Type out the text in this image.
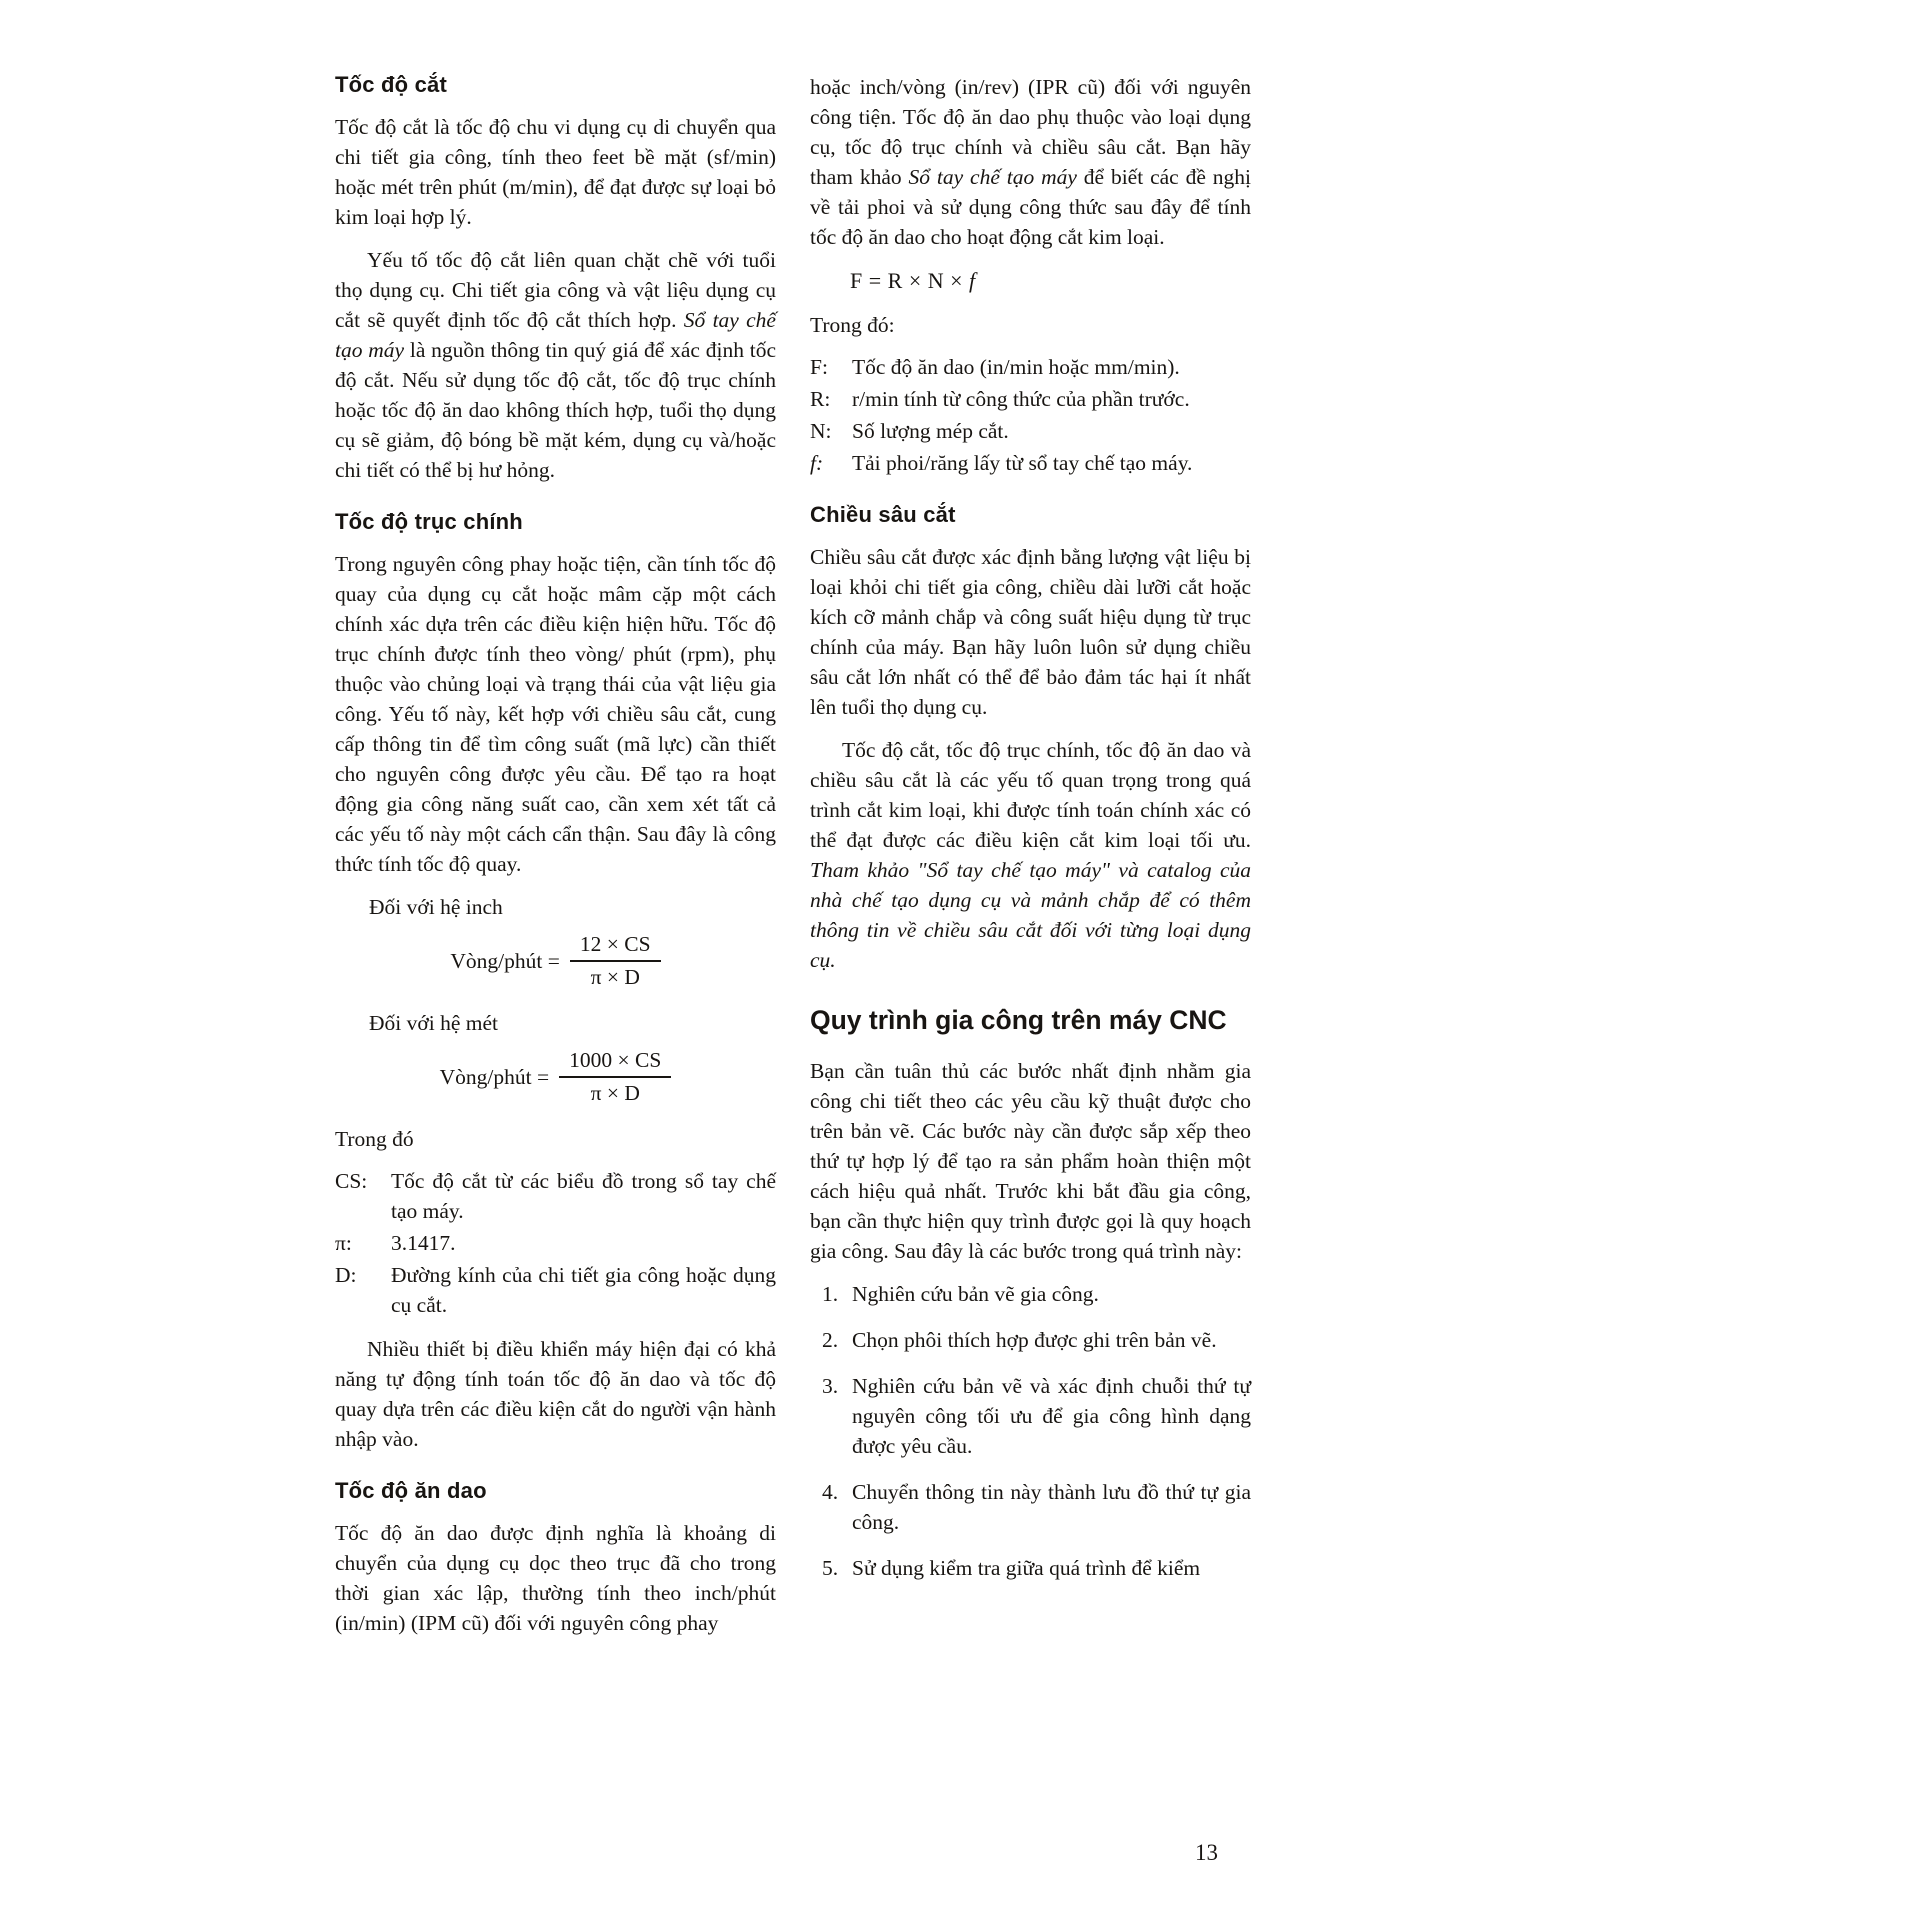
Tốc độ cắt

Tốc độ cắt là tốc độ chu vi dụng cụ di chuyển qua chi tiết gia công, tính theo feet bề mặt (sf/min) hoặc mét trên phút (m/min), để đạt được sự loại bỏ kim loại hợp lý.

Yếu tố tốc độ cắt liên quan chặt chẽ với tuổi thọ dụng cụ. Chi tiết gia công và vật liệu dụng cụ cắt sẽ quyết định tốc độ cắt thích hợp. Sổ tay chế tạo máy là nguồn thông tin quý giá để xác định tốc độ cắt. Nếu sử dụng tốc độ cắt, tốc độ trục chính hoặc tốc độ ăn dao không thích hợp, tuổi thọ dụng cụ sẽ giảm, độ bóng bề mặt kém, dụng cụ và/hoặc chi tiết có thể bị hư hỏng.

Tốc độ trục chính

Trong nguyên công phay hoặc tiện, cần tính tốc độ quay của dụng cụ cắt hoặc mâm cặp một cách chính xác dựa trên các điều kiện hiện hữu. Tốc độ trục chính được tính theo vòng/ phút (rpm), phụ thuộc vào chủng loại và trạng thái của vật liệu gia công. Yếu tố này, kết hợp với chiều sâu cắt, cung cấp thông tin để tìm công suất (mã lực) cần thiết cho nguyên công được yêu cầu. Để tạo ra hoạt động gia công năng suất cao, cần xem xét tất cả các yếu tố này một cách cẩn thận. Sau đây là công thức tính tốc độ quay.

Đối với hệ inch
Vòng/phút = $\frac{12 \times CS}{\pi \times D}$
Đối với hệ mét
Vòng/phút = $\frac{1000 \times CS}{\pi \times D}$
Trong đó
CS:	Tốc độ cắt từ các biểu đồ trong sổ tay chế tạo máy.
π:	3.1417.
D:	Đường kính của chi tiết gia công hoặc dụng cụ cắt.

Nhiều thiết bị điều khiển máy hiện đại có khả năng tự động tính toán tốc độ ăn dao và tốc độ quay dựa trên các điều kiện cắt do người vận hành nhập vào.

Tốc độ ăn dao

Tốc độ ăn dao được định nghĩa là khoảng di chuyển của dụng cụ dọc theo trục đã cho trong thời gian xác lập, thường tính theo inch/phút (in/min) (IPM cũ) đối với nguyên công phay

hoặc inch/vòng (in/rev) (IPR cũ) đối với nguyên công tiện. Tốc độ ăn dao phụ thuộc vào loại dụng cụ, tốc độ trục chính và chiều sâu cắt. Bạn hãy tham khảo Sổ tay chế tạo máy để biết các đề nghị về tải phoi và sử dụng công thức sau đây để tính tốc độ ăn dao cho hoạt động cắt kim loại.

F = R × N × f
Trong đó:
F:	Tốc độ ăn dao (in/min hoặc mm/min).
R:	r/min tính từ công thức của phần trước.
N: Số lượng mép cắt.
f:	Tải phoi/răng lấy từ sổ tay chế tạo máy.
Chiều sâu cắt

Chiều sâu cắt được xác định bằng lượng vật liệu bị loại khỏi chi tiết gia công, chiều dài lưỡi cắt hoặc kích cỡ mảnh chắp và công suất hiệu dụng từ trục chính của máy. Bạn hãy luôn luôn sử dụng chiều sâu cắt lớn nhất có thể để bảo đảm tác hại ít nhất lên tuổi thọ dụng cụ.

Tốc độ cắt, tốc độ trục chính, tốc độ ăn dao và chiều sâu cắt là các yếu tố quan trọng trong quá trình cắt kim loại, khi được tính toán chính xác có thể đạt được các điều kiện cắt kim loại tối ưu. Tham khảo "Sổ tay chế tạo máy" và catalog của nhà chế tạo dụng cụ và mảnh chắp để có thêm thông tin về chiều sâu cắt đối với từng loại dụng cụ.

Quy trình gia công trên máy CNC

Bạn cần tuân thủ các bước nhất định nhằm gia công chi tiết theo các yêu cầu kỹ thuật được cho trên bản vẽ. Các bước này cần được sắp xếp theo thứ tự hợp lý để tạo ra sản phẩm hoàn thiện một cách hiệu quả nhất. Trước khi bắt đầu gia công, bạn cần thực hiện quy trình được gọi là quy hoạch gia công. Sau đây là các bước trong quá trình này:

1. Nghiên cứu bản vẽ gia công.
2. Chọn phôi thích hợp được ghi trên bản vẽ.
3. Nghiên cứu bản vẽ và xác định chuỗi thứ tự nguyên công tối ưu để gia công hình dạng được yêu cầu.
4. Chuyển thông tin này thành lưu đồ thứ tự gia công.
5. Sử dụng kiểm tra giữa quá trình để kiểm
13
